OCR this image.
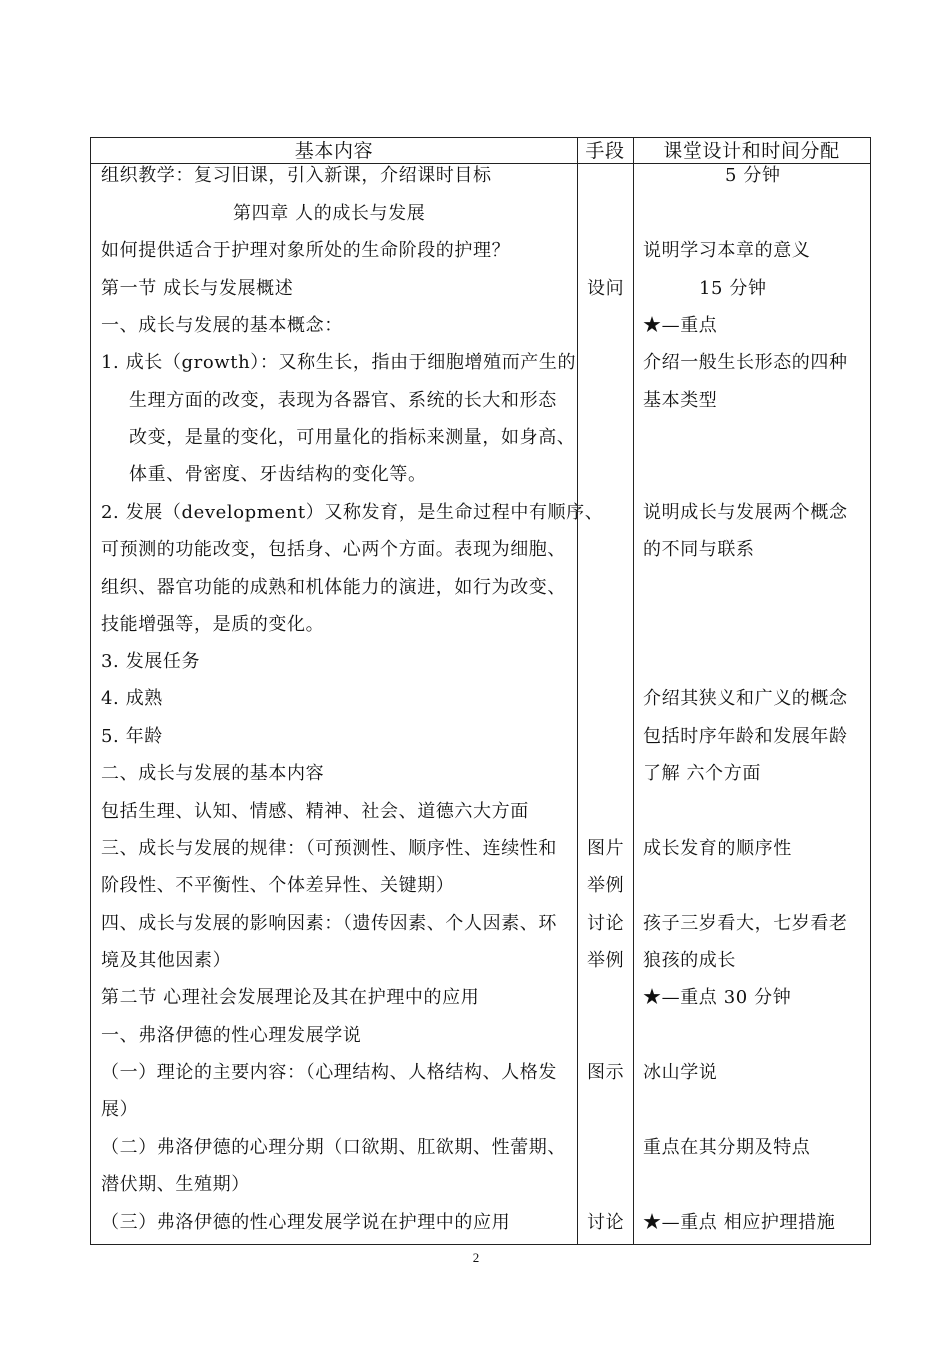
基本内容	手段	课堂设计和时间分配
组织教学：复习旧课，引入新课，介绍课时目标
第四章 人的成长与发展
如何提供适合于护理对象所处的生命阶段的护理？
第一节 成长与发展概述
一、成长与发展的基本概念：
1. 成长（growth）：又称生长，指由于细胞增殖而产生的
生理方面的改变，表现为各器官、系统的长大和形态
改变，是量的变化，可用量化的指标来测量，如身高、
体重、骨密度、牙齿结构的变化等。
2. 发展（development）又称发育，是生命过程中有顺序、
可预测的功能改变，包括身、心两个方面。表现为细胞、
组织、器官功能的成熟和机体能力的演进，如行为改变、
技能增强等，是质的变化。
3. 发展任务
4. 成熟
5. 年龄
二、成长与发展的基本内容
包括生理、认知、情感、精神、社会、道德六大方面
三、成长与发展的规律：（可预测性、顺序性、连续性和
阶段性、不平衡性、个体差异性、关键期）
四、成长与发展的影响因素：（遗传因素、个人因素、环
境及其他因素）
第二节 心理社会发展理论及其在护理中的应用
一、弗洛伊德的性心理发展学说
（一）理论的主要内容：（心理结构、人格结构、人格发
展）
（二）弗洛伊德的心理分期（口欲期、肛欲期、性蕾期、
潜伏期、生殖期）
（三）弗洛伊德的性心理发展学说在护理中的应用
设问
图片
举例
讨论
举例
图示
讨论
5 分钟
说明学习本章的意义
15 分钟
★—重点
介绍一般生长形态的四种
基本类型
说明成长与发展两个概念
的不同与联系
介绍其狭义和广义的概念
包括时序年龄和发展年龄
了解 六个方面
成长发育的顺序性
孩子三岁看大，七岁看老
狼孩的成长
★—重点 30 分钟
冰山学说
重点在其分期及特点
★—重点 相应护理措施
2
